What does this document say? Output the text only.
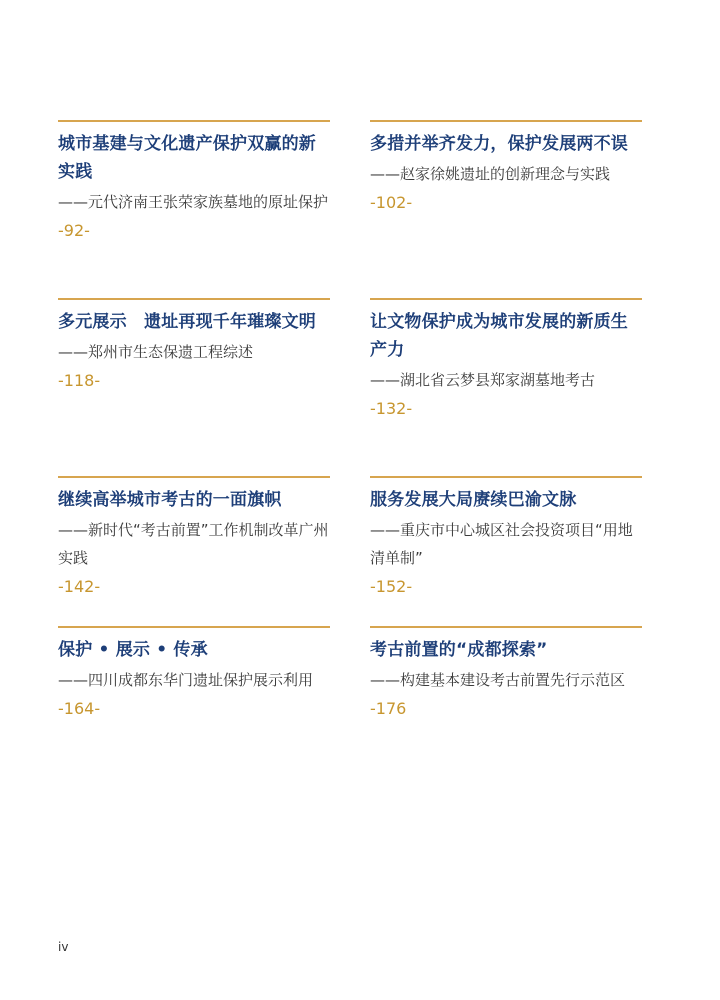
城市基建与文化遗产保护双赢的新实践
——元代济南王张荣家族墓地的原址保护
-92-
多措并举齐发力，保护发展两不误
——赵家徐姚遗址的创新理念与实践
-102-
多元展示　遗址再现千年璀璨文明
——郑州市生态保遗工程综述
-118-
让文物保护成为城市发展的新质生产力
——湖北省云梦县郑家湖墓地考古
-132-
继续高举城市考古的一面旗帜
——新时代“考古前置”工作机制改革广州实践
-142-
服务发展大局赓续巴渝文脉
——重庆市中心城区社会投资项目“用地清单制”
-152-
保护 • 展示 • 传承
——四川成都东华门遗址保护展示利用
-164-
考古前置的“成都探索”
——构建基本建设考古前置先行示范区
-176
iv
